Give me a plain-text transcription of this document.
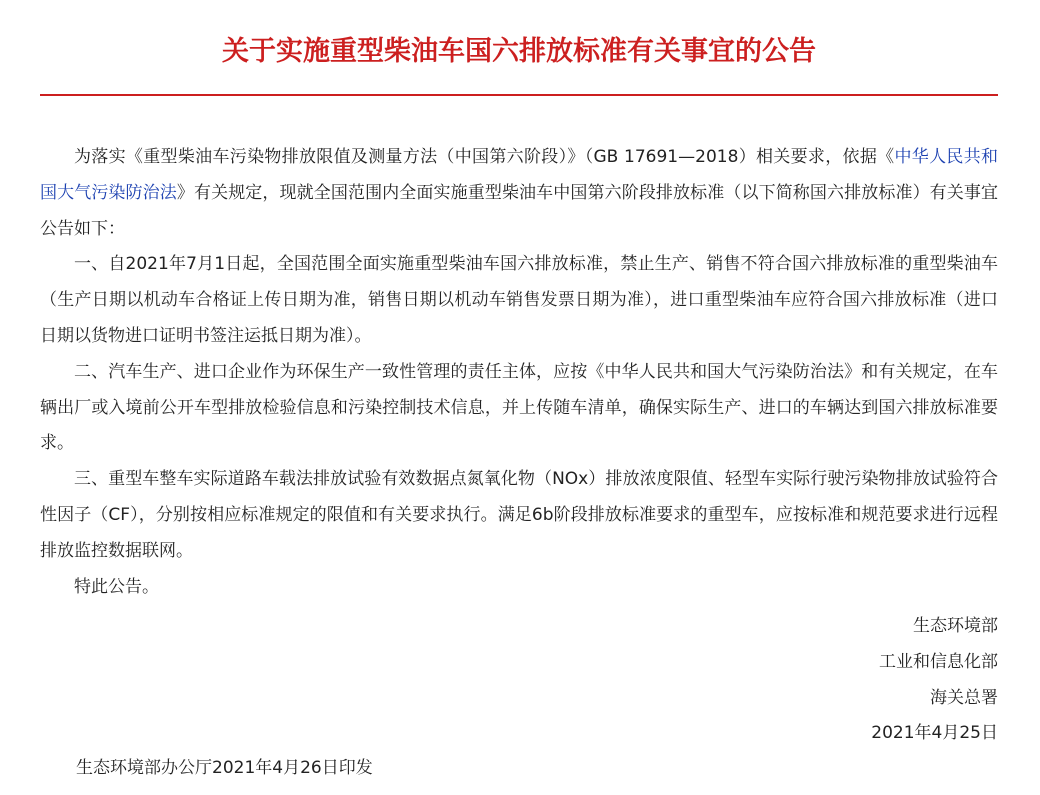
关于实施重型柴油车国六排放标准有关事宜的公告

为落实《重型柴油车污染物排放限值及测量方法（中国第六阶段）》（GB 17691—2018）相关要求，依据《中华人民共和国大气污染防治法》有关规定，现就全国范围内全面实施重型柴油车中国第六阶段排放标准（以下简称国六排放标准）有关事宜公告如下：

一、自2021年7月1日起，全国范围全面实施重型柴油车国六排放标准，禁止生产、销售不符合国六排放标准的重型柴油车（生产日期以机动车合格证上传日期为准，销售日期以机动车销售发票日期为准），进口重型柴油车应符合国六排放标准（进口日期以货物进口证明书签注运抵日期为准）。

二、汽车生产、进口企业作为环保生产一致性管理的责任主体，应按《中华人民共和国大气污染防治法》和有关规定，在车辆出厂或入境前公开车型排放检验信息和污染控制技术信息，并上传随车清单，确保实际生产、进口的车辆达到国六排放标准要求。

三、重型车整车实际道路车载法排放试验有效数据点氮氧化物（NOx）排放浓度限值、轻型车实际行驶污染物排放试验符合性因子（CF），分别按相应标准规定的限值和有关要求执行。满足6b阶段排放标准要求的重型车，应按标准和规范要求进行远程排放监控数据联网。

特此公告。

生态环境部
工业和信息化部
海关总署
2021年4月25日
生态环境部办公厅2021年4月26日印发
